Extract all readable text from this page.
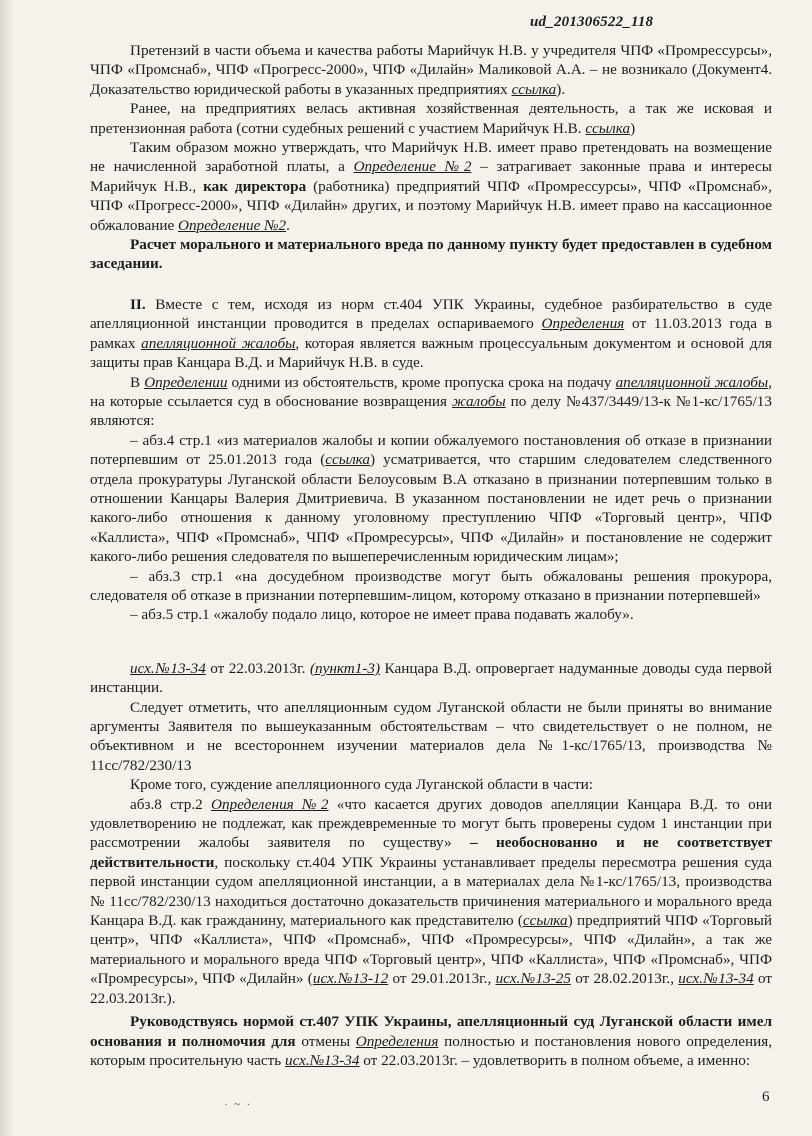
ud_201306522_118

Претензий в части объема и качества работы Марийчук Н.В. у учредителя ЧПФ «Промрессурсы», ЧПФ «Промснаб», ЧПФ «Прогресс-2000», ЧПФ «Дилайн» Маликовой А.А. – не возникало (Документ4. Доказательство юридической работы в указанных предприятиях ссылка).

Ранее, на предприятиях велась активная хозяйственная деятельность, а так же исковая и претензионная работа (сотни судебных решений с участием Марийчук Н.В. ссылка)

Таким образом можно утверждать, что Марийчук Н.В. имеет право претендовать на возмещение не начисленной заработной платы, а Определение №2 – затрагивает законные права и интересы Марийчук Н.В., как директора (работника) предприятий ЧПФ «Промрессурсы», ЧПФ «Промснаб», ЧПФ «Прогресс-2000», ЧПФ «Дилайн» других, и поэтому Марийчук Н.В. имеет право на кассационное обжалование Определение №2.

Расчет морального и материального вреда по данному пункту будет предоставлен в судебном заседании.

II. Вместе с тем, исходя из норм ст.404 УПК Украины, судебное разбирательство в суде апелляционной инстанции проводится в пределах оспариваемого Определения от 11.03.2013 года в рамках апелляционной жалобы, которая является важным процессуальным документом и основой для защиты прав Канцара В.Д. и Марийчук Н.В. в суде.

В Определении одними из обстоятельств, кроме пропуска срока на подачу апелляционной жалобы, на которые ссылается суд в обоснование возвращения жалобы по делу №437/3449/13-к №1-кс/1765/13 являются:

– абз.4 стр.1 «из материалов жалобы и копии обжалуемого постановления об отказе в признании потерпевшим от 25.01.2013 года (ссылка) усматривается, что старшим следователем следственного отдела прокуратуры Луганской области Белоусовым В.А отказано в признании потерпевшим только в отношении Канцары Валерия Дмитриевича. В указанном постановлении не идет речь о признании какого-либо отношения к данному уголовному преступлению ЧПФ «Торговый центр», ЧПФ «Каллиста», ЧПФ «Промснаб», ЧПФ «Промресурсы», ЧПФ «Дилайн» и постановление не содержит какого-либо решения следователя по вышеперечисленным юридическим лицам»;

– абз.3 стр.1 «на досудебном производстве могут быть обжалованы решения прокурора, следователя об отказе в признании потерпевшим-лицом, которому отказано в признании потерпевшей»

– абз.5 стр.1 «жалобу подало лицо, которое не имеет права подавать жалобу».

исх.№13-34 от 22.03.2013г. (пункт1-3) Канцара В.Д. опровергает надуманные доводы суда первой инстанции.

Следует отметить, что апелляционным судом Луганской области не были приняты во внимание аргументы Заявителя по вышеуказанным обстоятельствам – что свидетельствует о не полном, не объективном и не всестороннем изучении материалов дела №1-кс/1765/13, производства № 11сс/782/230/13

Кроме того, суждение апелляционного суда Луганской области в части:

абз.8 стр.2 Определения №2 «что касается других доводов апелляции Канцара В.Д. то они удовлетворению не подлежат, как преждевременные то могут быть проверены судом 1 инстанции при рассмотрении жалобы заявителя по существу» – необоснованно и не соответствует действительности, поскольку ст.404 УПК Украины устанавливает пределы пересмотра решения суда первой инстанции судом апелляционной инстанции, а в материалах дела №1-кс/1765/13, производства № 11сс/782/230/13 находиться достаточно доказательств причинения материального и морального вреда Канцара В.Д. как гражданину, материального как представителю (ссылка) предприятий ЧПФ «Торговый центр», ЧПФ «Каллиста», ЧПФ «Промснаб», ЧПФ «Промресурсы», ЧПФ «Дилайн», а так же материального и морального вреда ЧПФ «Торговый центр», ЧПФ «Каллиста», ЧПФ «Промснаб», ЧПФ «Промресурсы», ЧПФ «Дилайн» (исх.№13-12 от 29.01.2013г., исх.№13-25 от 28.02.2013г., исх.№13-34 от 22.03.2013г.).

Руководствуясь нормой ст.407 УПК Украины, апелляционный суд Луганской области имел основания и полномочия для отмены Определения полностью и постановления нового определения, которым просительную часть исх.№13-34 от 22.03.2013г. – удовлетворить в полном объеме, а именно:

·  ~  ·	6
